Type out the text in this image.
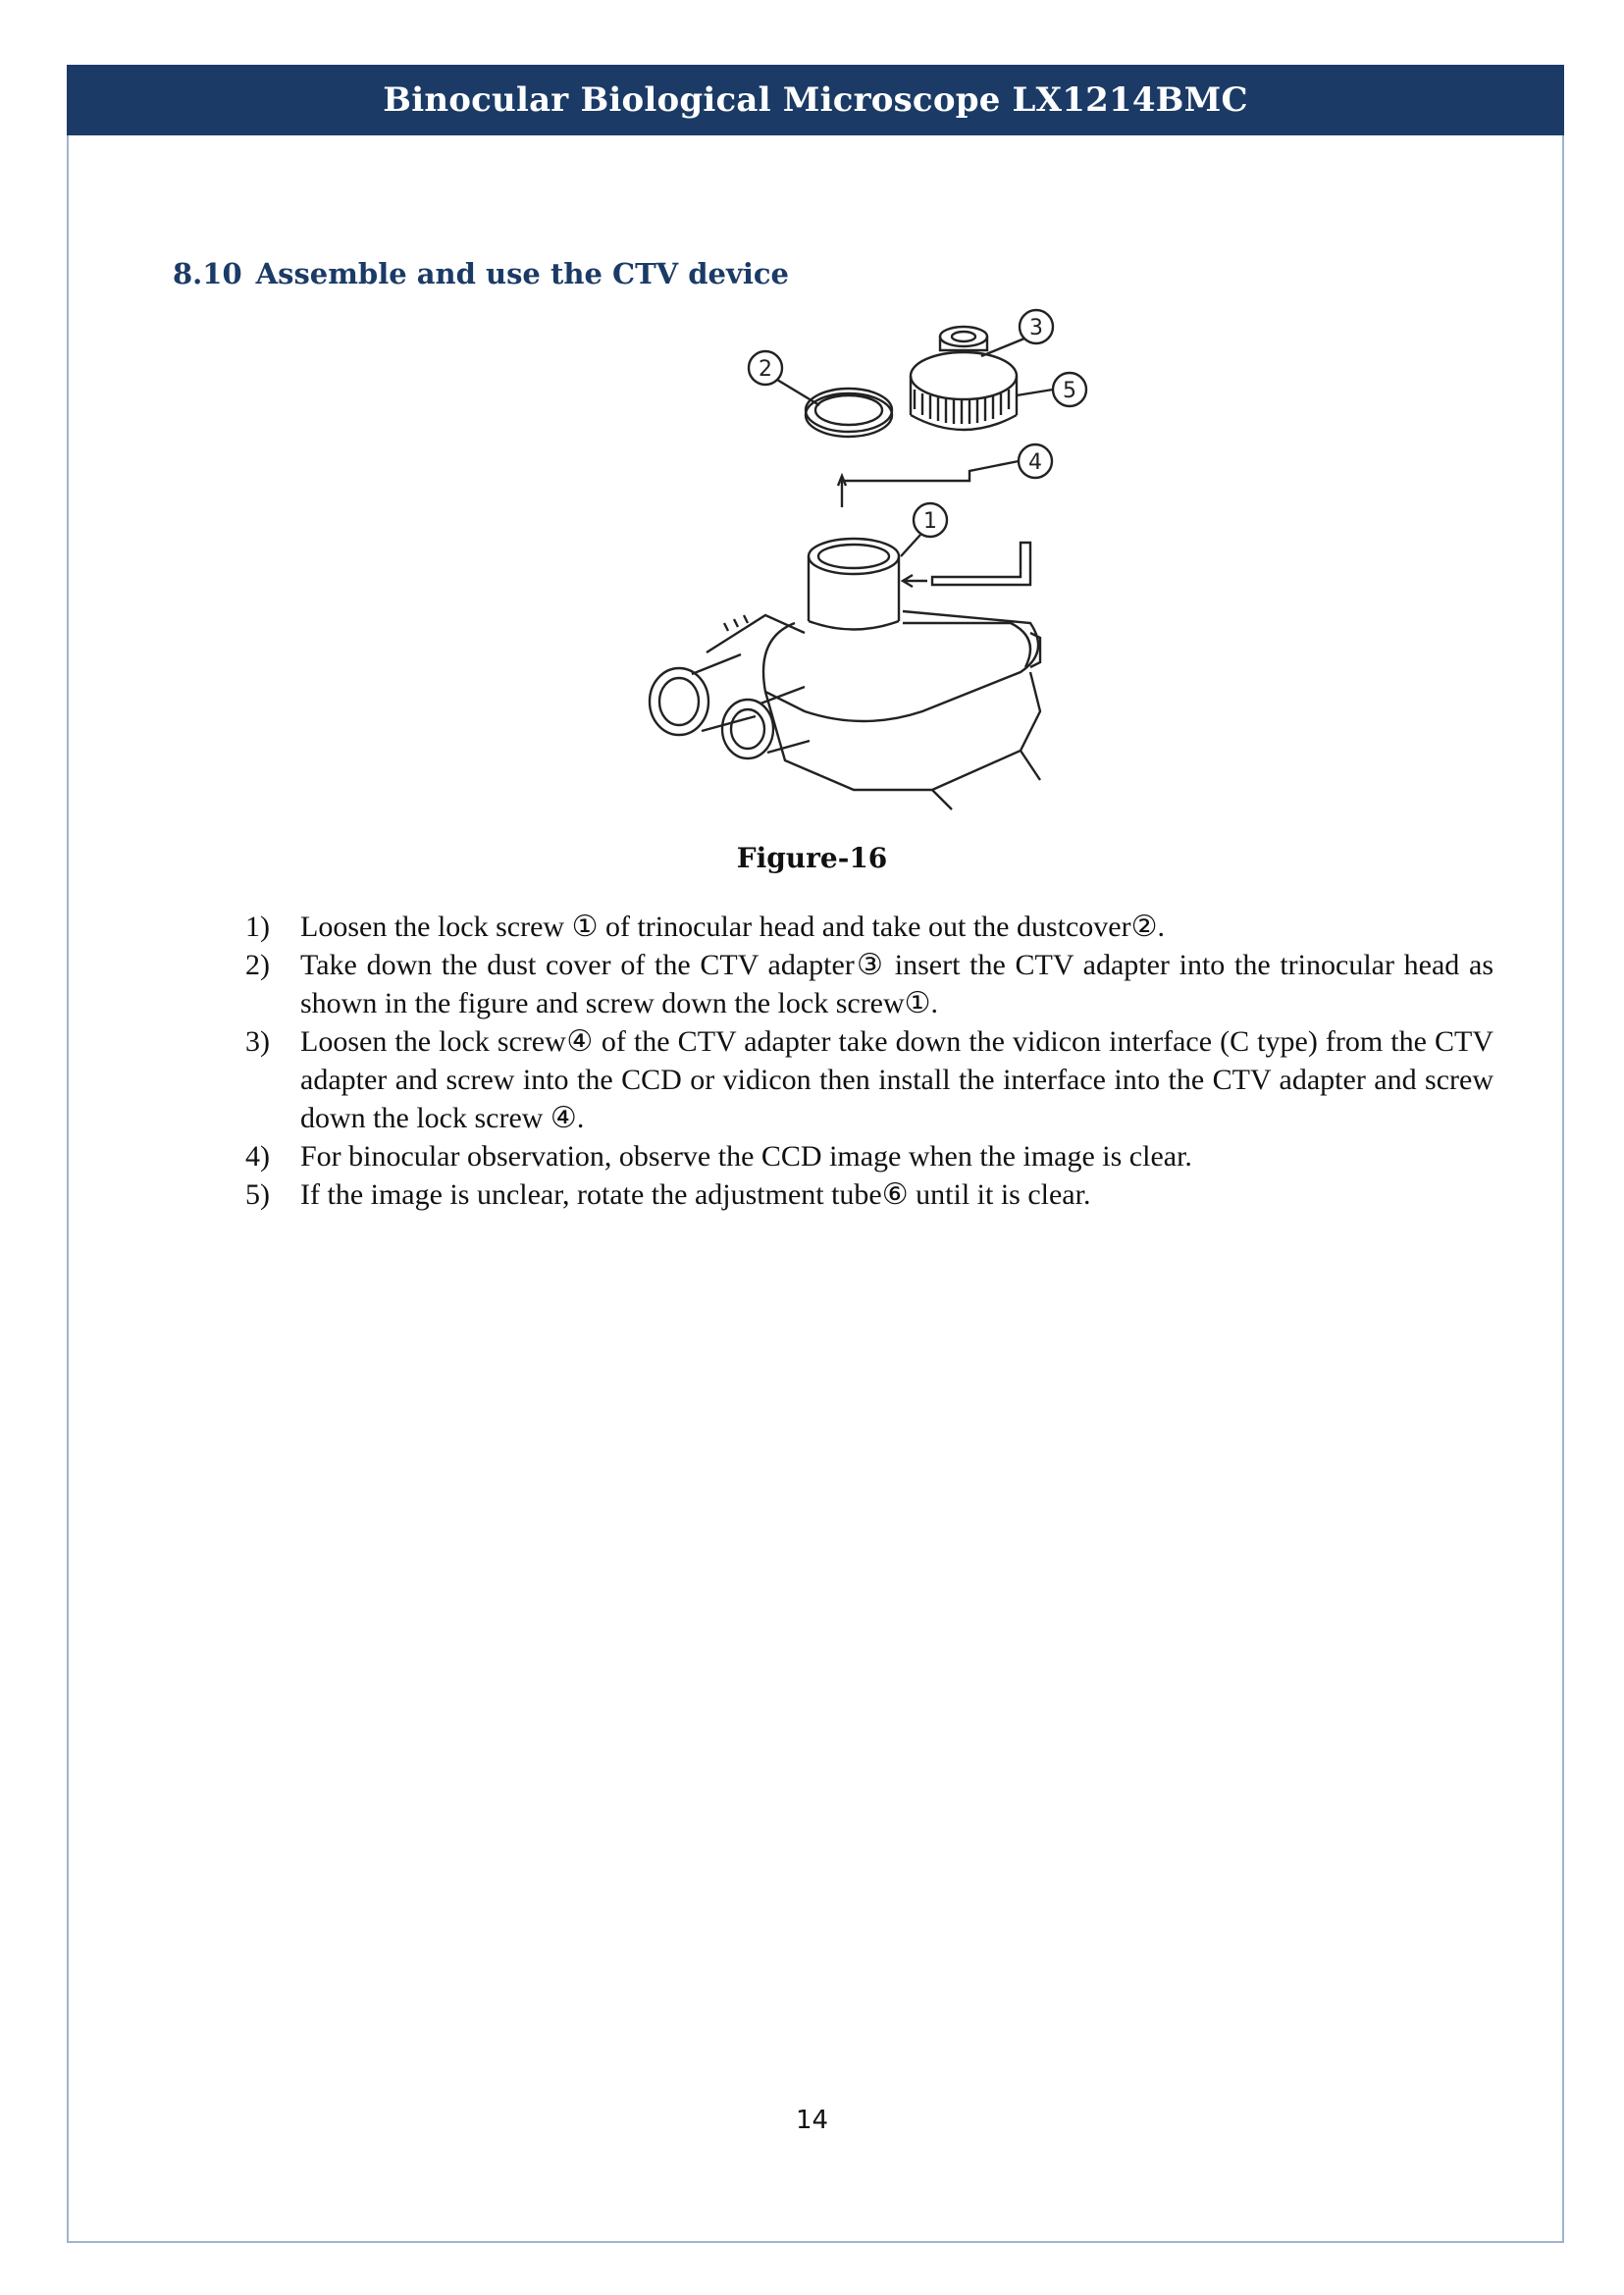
Binocular Biological Microscope LX1214BMC
8.10 Assemble and use the CTV device
1
2
3
4
5
Figure-16
1) Loosen the lock screw ① of trinocular head and take out the dustcover②.
2) Take down the dust cover of the CTV adapter③ insert the CTV adapter into the trinocular head as shown in the figure and screw down the lock screw①.
3) Loosen the lock screw④ of the CTV adapter take down the vidicon interface (C type) from the CTV adapter and screw into the CCD or vidicon then install the interface into the CTV adapter and screw down the lock screw ④.
4) For binocular observation, observe the CCD image when the image is clear.
5) If the image is unclear, rotate the adjustment tube⑥ until it is clear.
14
